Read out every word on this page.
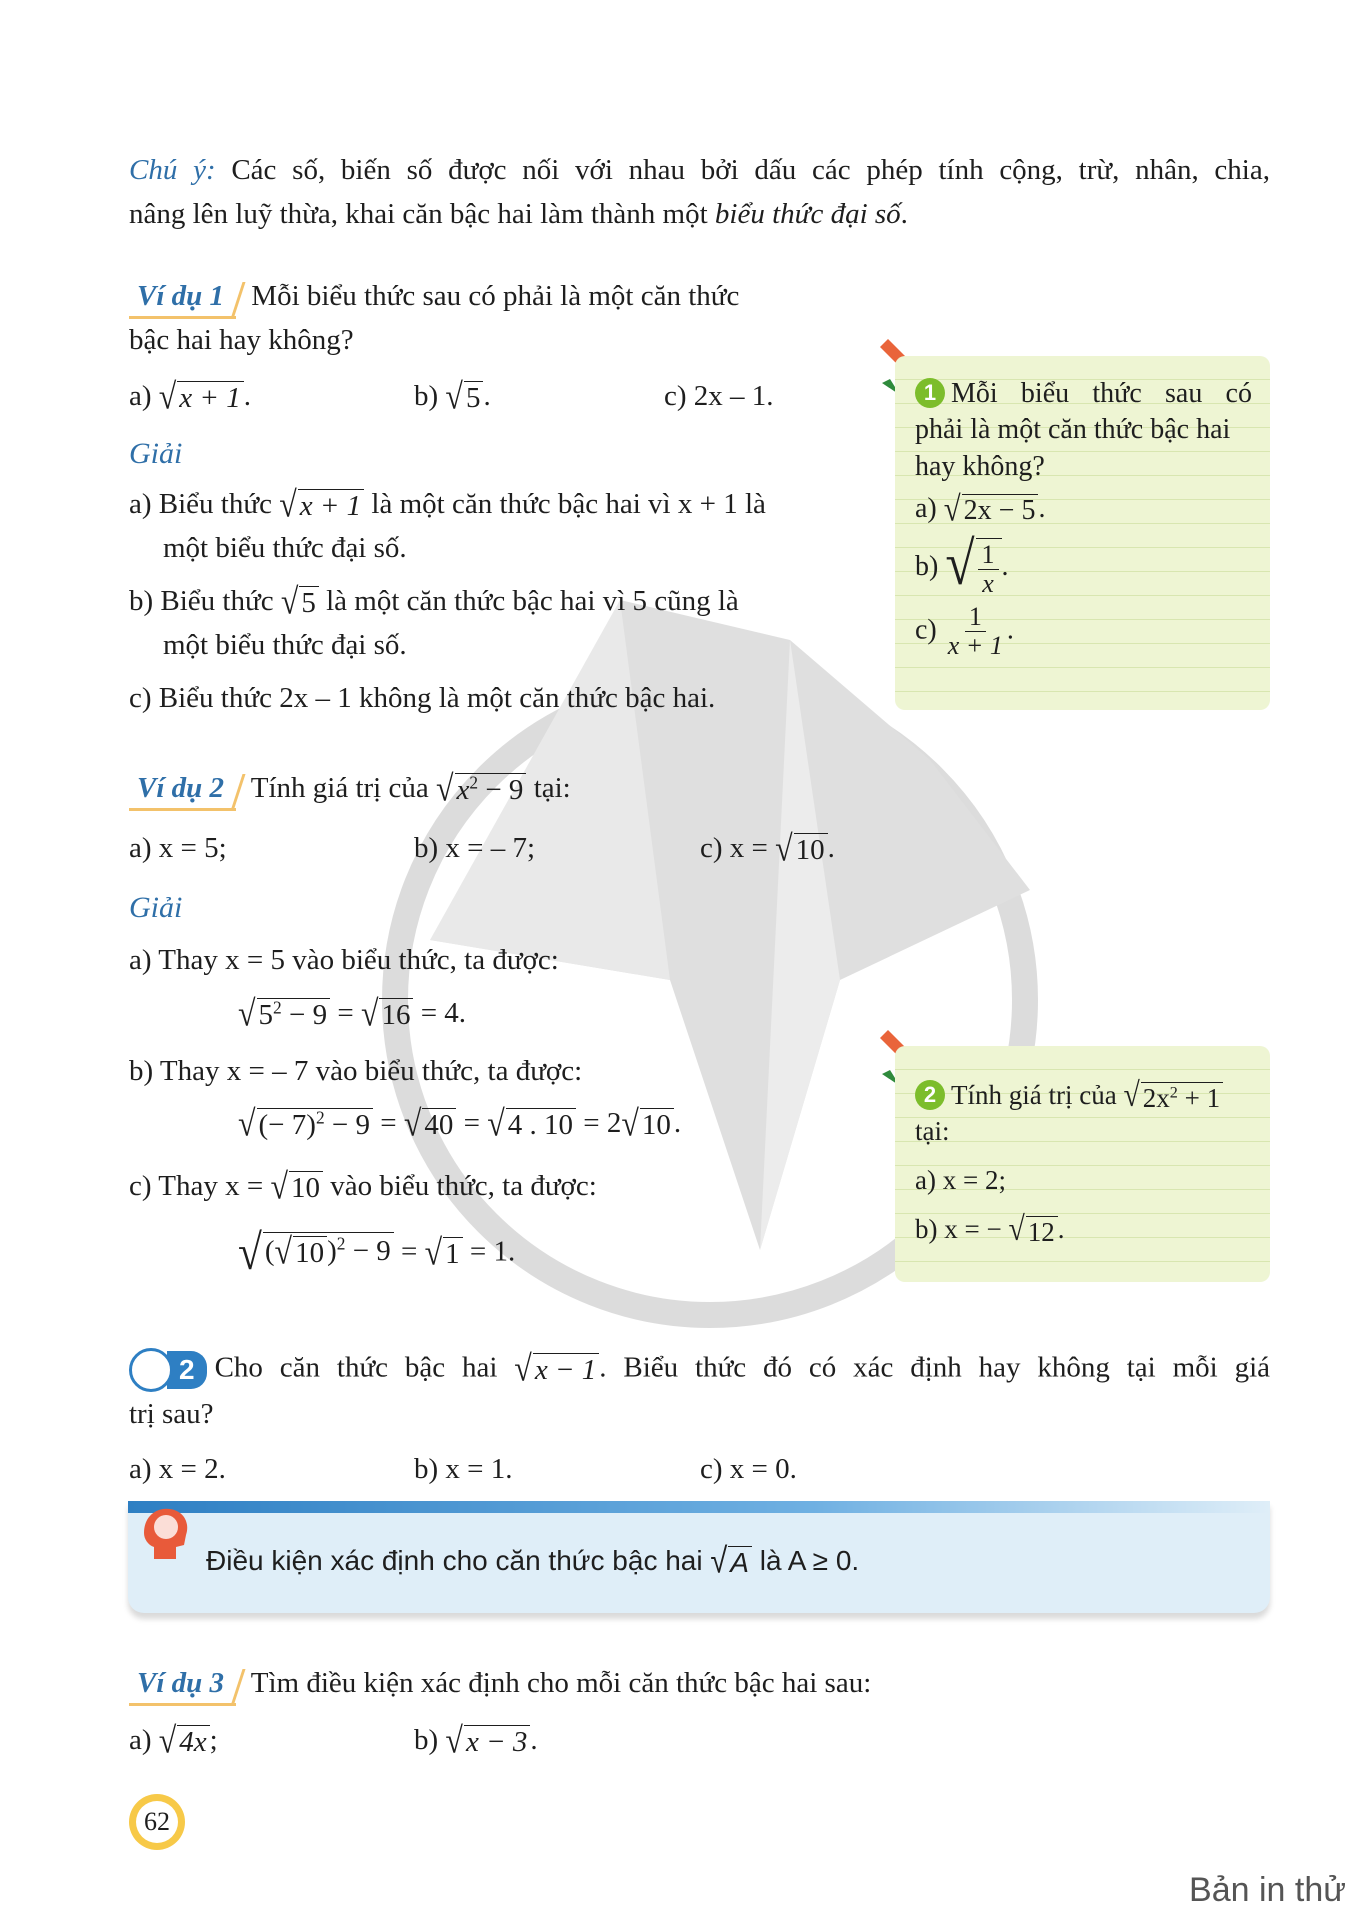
Chú ý: Các số, biến số được nối với nhau bởi dấu các phép tính cộng, trừ, nhân, chia,

nâng lên luỹ thừa, khai căn bậc hai làm thành một biểu thức đại số.

Ví dụ 1 Mỗi biểu thức sau có phải là một căn thức

bậc hai hay không?

a) √ x + 1 .	b) √ 5 .	c) 2x – 1.

Giải

a) Biểu thức √ x + 1 là một căn thức bậc hai vì x + 1 là

một biểu thức đại số.

b) Biểu thức √ 5 là một căn thức bậc hai vì 5 cũng là

một biểu thức đại số.

c) Biểu thức 2x – 1 không là một căn thức bậc hai.

1 Mỗi biểu thức sau có
phải là một căn thức bậc hai
hay không?
a) √ 2x − 5 .
b) √ $\frac{1}{x}$ .
$c) \frac{1}{x + 1}$ .

Ví dụ 2 Tính giá trị của √ $x^2 - 9$ tại:

a) x = 5;	b) x = – 7;	c) x = √ 10 .

Giải

a) Thay x = 5 vào biểu thức, ta được:

√ $5^2 - 9$ = √ 16 = 4.

b) Thay x = – 7 vào biểu thức, ta được:

√ (− 7)$^2$ − 9 = √ 40 = √ 4 . 10 = 2 √ 10 .

c) Thay x = √ 10 vào biểu thức, ta được:

√ ( √ 10 )$^2$ − 9 = √ 1 = 1.

2 Tính giá trị của √ $2x^2 + 1$
tại:
a) x = 2;
b) x = − √ 12 .

2 Cho căn thức bậc hai √ x − 1 . Biểu thức đó có xác định hay không tại mỗi giá

trị sau?

a) x = 2.	b) x = 1.	c) x = 0.

Điều kiện xác định cho căn thức bậc hai √ A là A ≥ 0.

Ví dụ 3 Tìm điều kiện xác định cho mỗi căn thức bậc hai sau:

a) √ 4x ;	b) √ x − 3 .

62
Bản in thử
